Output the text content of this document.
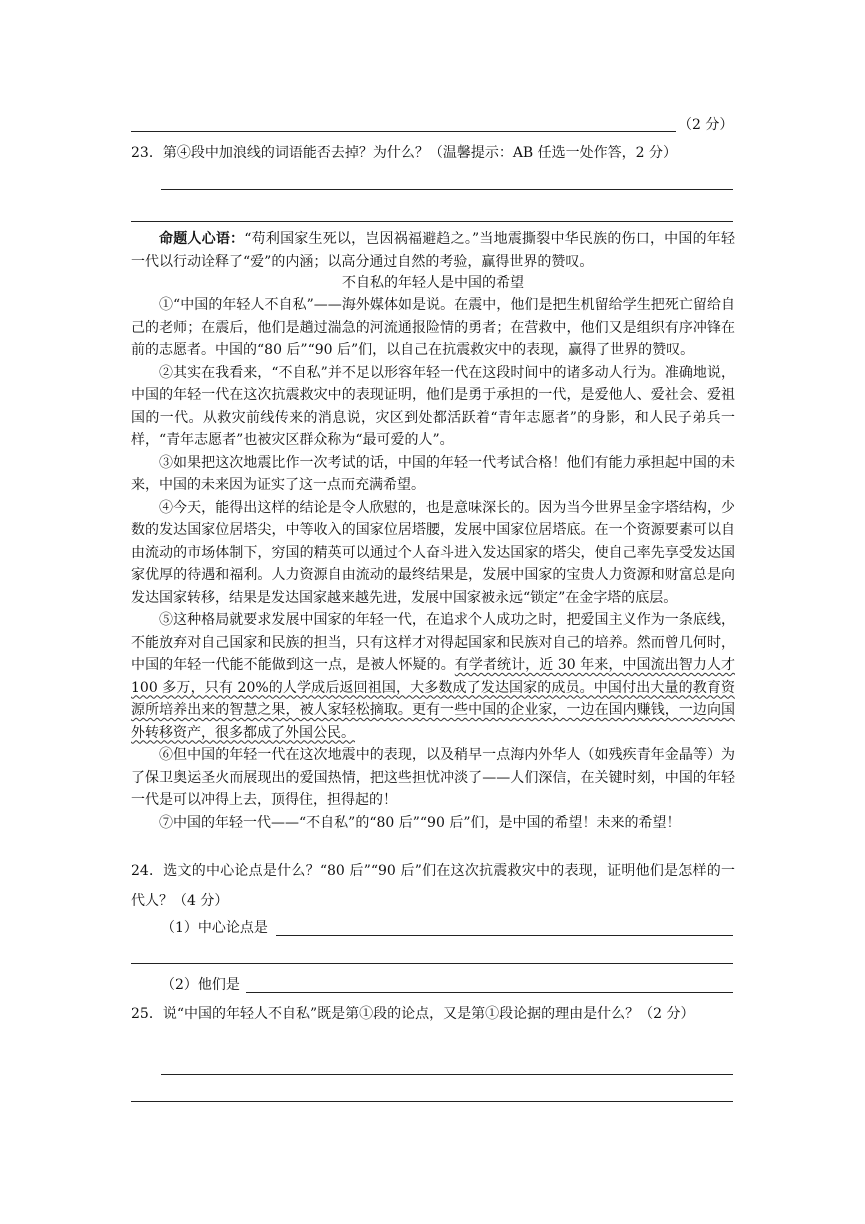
（2 分）
23．第④段中加浪线的词语能否去掉？为什么？（温馨提示：AB 任选一处作答，2 分）

命题人心语：“苟利国家生死以，岂因祸福避趋之。”当地震撕裂中华民族的伤口，中国的年轻一代以行动诠释了“爱”的内涵；以高分通过自然的考验，赢得世界的赞叹。

不自私的年轻人是中国的希望

①“中国的年轻人不自私”——海外媒体如是说。在震中，他们是把生机留给学生把死亡留给自己的老师；在震后，他们是趟过湍急的河流通报险情的勇者；在营救中，他们又是组织有序冲锋在前的志愿者。中国的“80 后”“90 后”们，以自己在抗震救灾中的表现，赢得了世界的赞叹。

②其实在我看来，“不自私”并不足以形容年轻一代在这段时间中的诸多动人行为。准确地说，中国的年轻一代在这次抗震救灾中的表现证明，他们是勇于承担的一代，是爱他人、爱社会、爱祖国的一代。从救灾前线传来的消息说，灾区到处都活跃着“青年志愿者”的身影，和人民子弟兵一样，“青年志愿者”也被灾区群众称为“最可爱的人”。

③如果把这次地震比作一次考试的话，中国的年轻一代考试合格！他们有能力承担起中国的未来，中国的未来因为证实了这一点而充满希望。

④今天，能得出这样的结论是令人欣慰的，也是意味深长的。因为当今世界呈金字塔结构，少数的发达国家位居塔尖，中等收入的国家位居塔腰，发展中国家位居塔底。在一个资源要素可以自由流动的市场体制下，穷国的精英可以通过个人奋斗进入发达国家的塔尖，使自己率先享受发达国家优厚的待遇和福利。人力资源自由流动的最终结果是，发展中国家的宝贵人力资源和财富总是向发达国家转移，结果是发达国家越来越先进，发展中国家被永远“锁定”在金字塔的底层。

⑤这种格局就要求发展中国家的年轻一代，在追求个人成功之时，把爱国主义作为一条底线，不能放弃对自己国家和民族的担当，只有这样才对得起国家和民族对自己的培养。然而曾几何时，中国的年轻一代能不能做到这一点，是被人怀疑的。有学者统计，近 30 年来，中国流出智力人才 100 多万，只有 20%的人学成后返回祖国，大多数成了发达国家的成员。中国付出大量的教育资源所培养出来的智慧之果，被人家轻松摘取。更有一些中国的企业家，一边在国内赚钱，一边向国外转移资产，很多都成了外国公民。

⑥但中国的年轻一代在这次地震中的表现，以及稍早一点海内外华人（如残疾青年金晶等）为了保卫奥运圣火而展现出的爱国热情，把这些担忧冲淡了——人们深信，在关键时刻，中国的年轻一代是可以冲得上去，顶得住，担得起的！

⑦中国的年轻一代——“不自私”的“80 后”“90 后”们，是中国的希望！未来的希望！

24．选文的中心论点是什么？“80 后”“90 后”们在这次抗震救灾中的表现，证明他们是怎样的一代人？（4 分）
（1）中心论点是
（2）他们是
25．说“中国的年轻人不自私”既是第①段的论点，又是第①段论据的理由是什么？（2 分）
